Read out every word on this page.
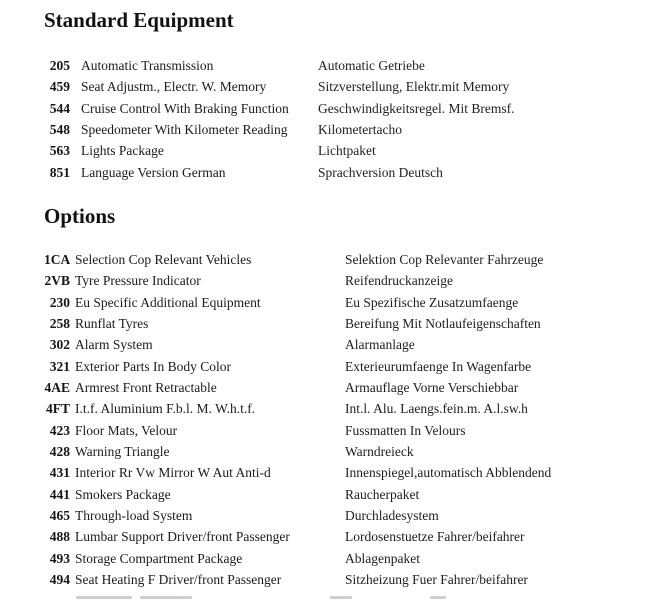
Standard Equipment
205 Automatic Transmission	Automatic Getriebe
459 Seat Adjustm., Electr. W. Memory	Sitzverstellung, Elektr.mit Memory
544 Cruise Control With Braking Function	Geschwindigkeitsregel. Mit Bremsf.
548 Speedometer With Kilometer Reading	Kilometertacho
563 Lights Package	Lichtpaket
851 Language Version German	Sprachversion Deutsch
Options
1CA Selection Cop Relevant Vehicles	Selektion Cop Relevanter Fahrzeuge
2VB Tyre Pressure Indicator	Reifendruckanzeige
230 Eu Specific Additional Equipment	Eu Spezifische Zusatzumfaenge
258 Runflat Tyres	Bereifung Mit Notlaufeigenschaften
302 Alarm System	Alarmanlage
321 Exterior Parts In Body Color	Exterieurumfaenge In Wagenfarbe
4AE Armrest Front Retractable	Armauflage Vorne Verschiebbar
4FT I.t.f. Aluminium F.b.l. M. W.h.t.f.	Int.l. Alu. Laengs.fein.m. A.l.sw.h
423 Floor Mats, Velour	Fussmatten In Velours
428 Warning Triangle	Warndreieck
431 Interior Rr Vw Mirror W Aut Anti-d	Innenspiegel,automatisch Abblendend
441 Smokers Package	Raucherpaket
465 Through-load System	Durchladesystem
488 Lumbar Support Driver/front Passenger	Lordosenstuetze Fahrer/beifahrer
493 Storage Compartment Package	Ablagenpaket
494 Seat Heating F Driver/front Passenger	Sitzheizung Fuer Fahrer/beifahrer
